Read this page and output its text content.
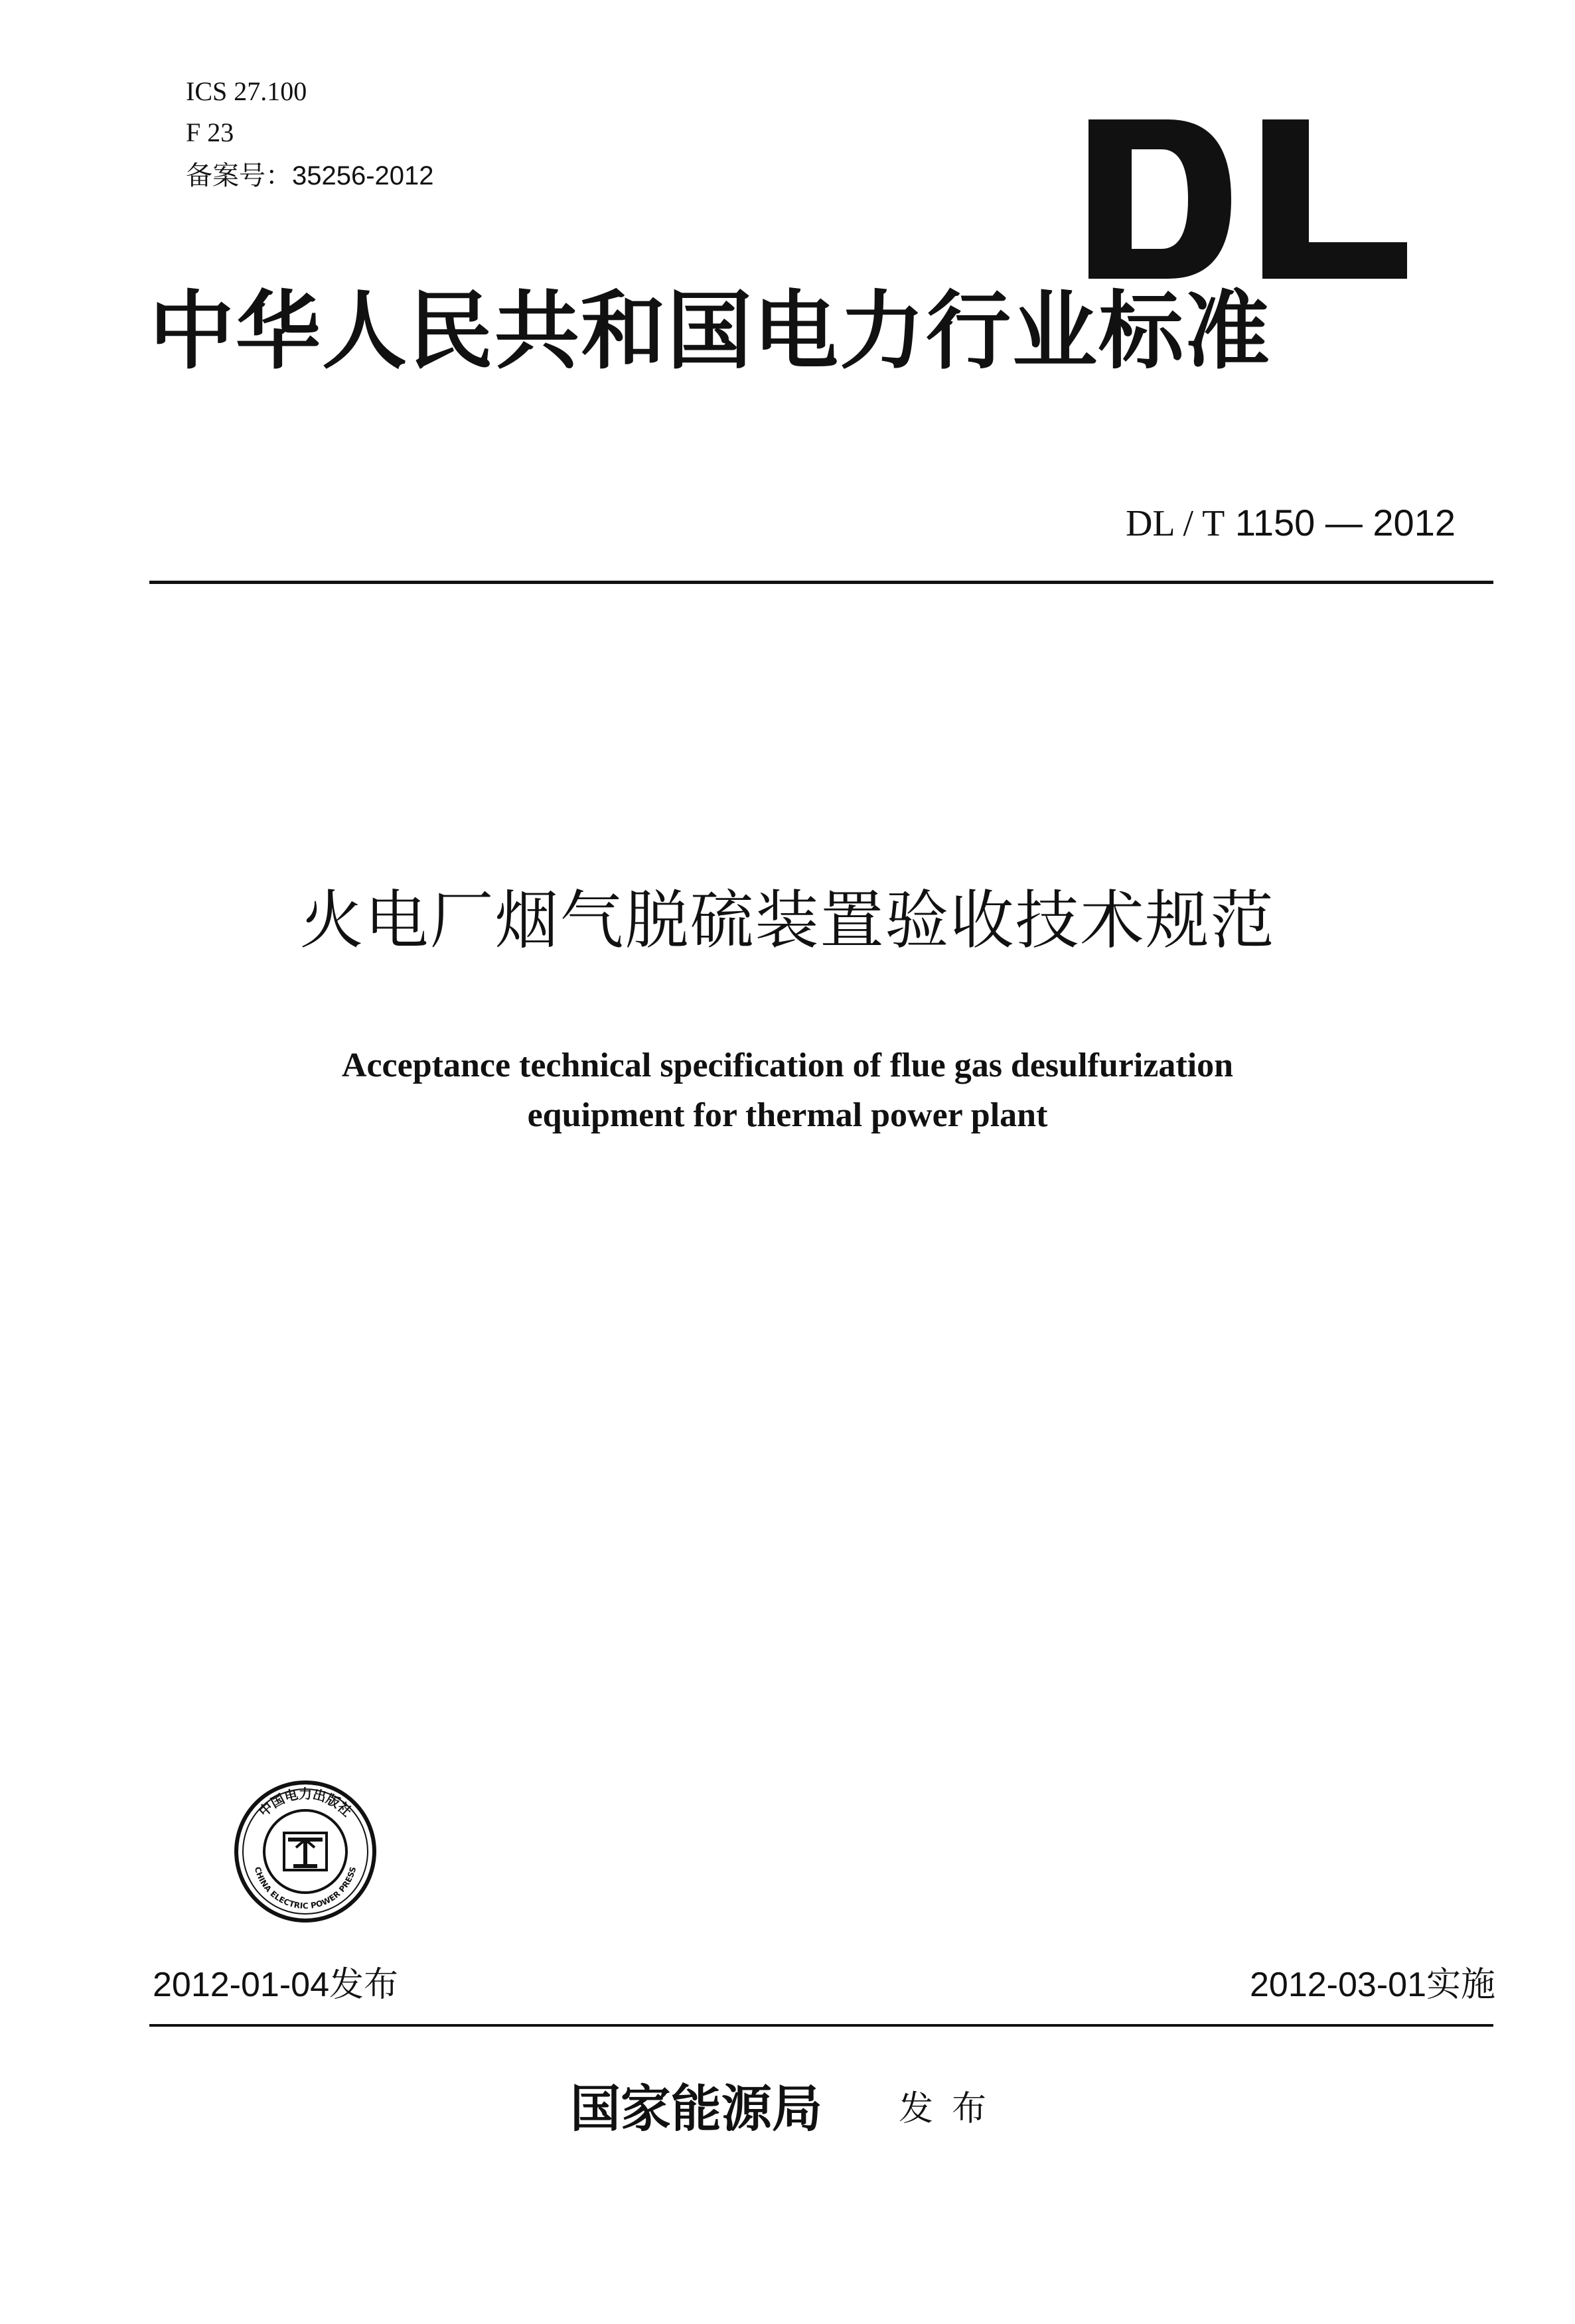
ICS 27.100
F 23
备案号：35256-2012
中华人民共和国电力行业标准
DL / T 1150 — 2012
火电厂烟气脱硫装置验收技术规范
Acceptance technical specification of flue gas desulfurization
equipment for thermal power plant
中国电力出版社
CHINA ELECTRIC POWER PRESS
2012-01-04发布	2012-03-01实施
国家能源局 发布
